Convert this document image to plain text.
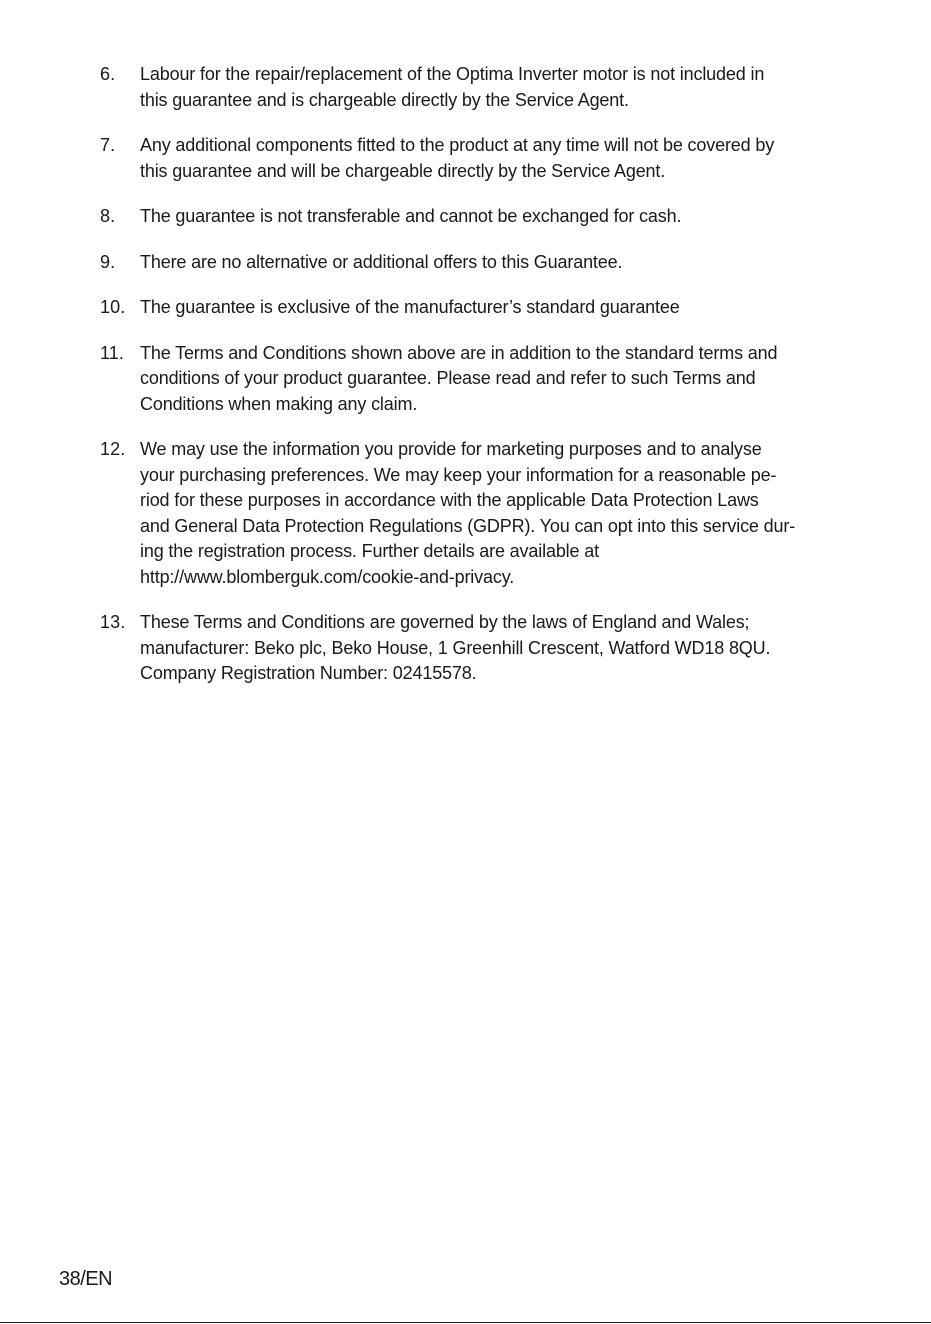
6.	Labour for the repair/replacement of the Optima Inverter motor is not included in
this guarantee and is chargeable directly by the Service Agent.
7.	Any additional components fitted to the product at any time will not be covered by
this guarantee and will be chargeable directly by the Service Agent.
8.	The guarantee is not transferable and cannot be exchanged for cash.
9.	There are no alternative or additional offers to this Guarantee.
10. The guarantee is exclusive of the manufacturer’s standard guarantee
11. The Terms and Conditions shown above are in addition to the standard terms and
conditions of your product guarantee. Please read and refer to such Terms and
Conditions when making any claim.
12. We may use the information you provide for marketing purposes and to analyse
your purchasing preferences. We may keep your information for a reasonable pe-
riod for these purposes in accordance with the applicable Data Protection Laws
and General Data Protection Regulations (GDPR). You can opt into this service dur-
ing the registration process. Further details are available at
http://www.blomberguk.com/cookie-and-privacy.
13. These Terms and Conditions are governed by the laws of England and Wales;
manufacturer: Beko plc, Beko House, 1 Greenhill Crescent, Watford WD18 8QU.
Company Registration Number: 02415578.
38/EN
